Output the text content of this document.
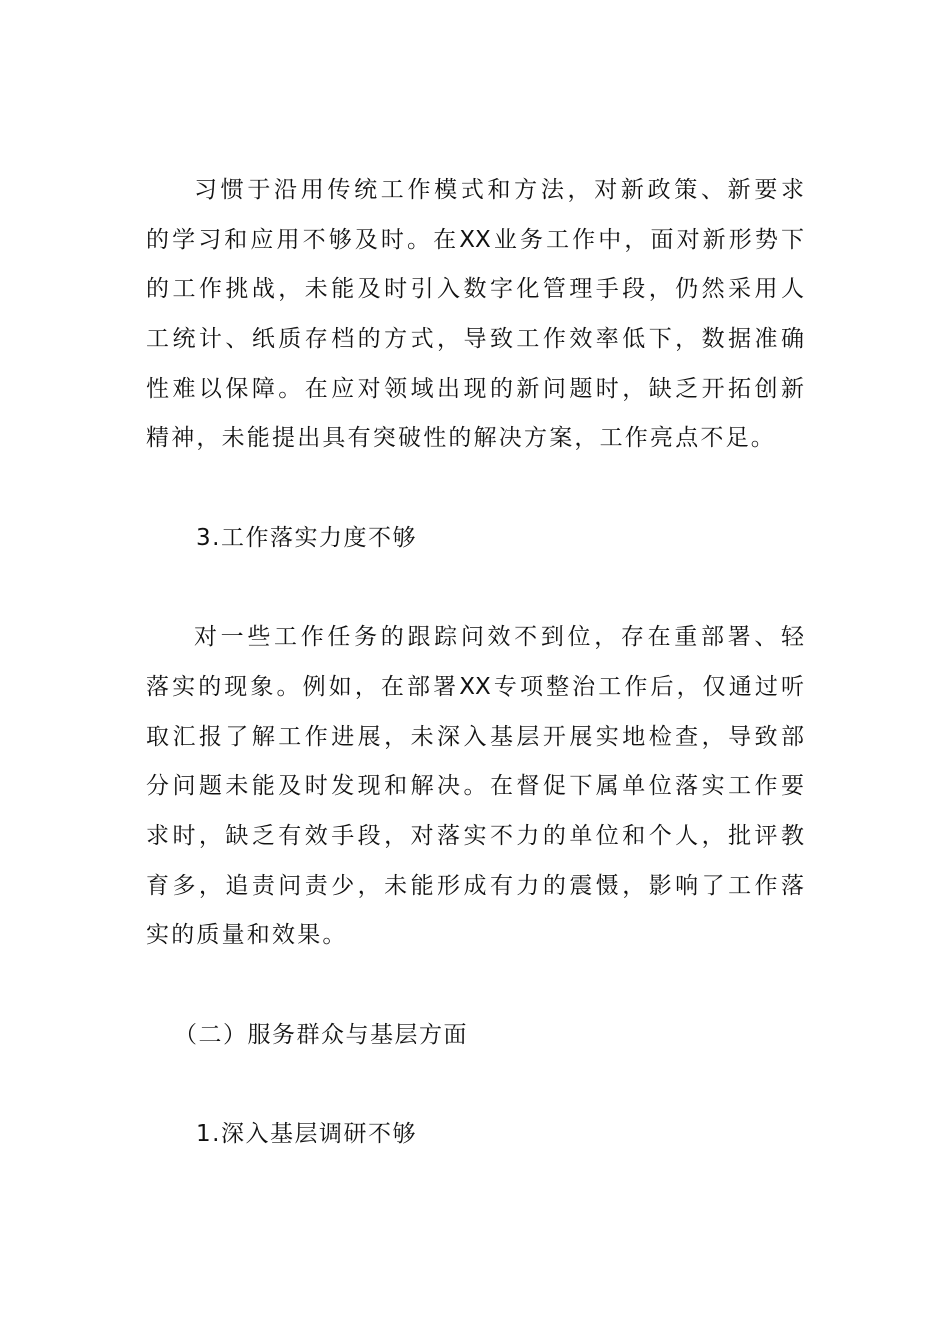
习惯于沿用传统工作模式和方法，对新政策、新要求
的学习和应用不够及时。在XX业务工作中，面对新形势下
的工作挑战，未能及时引入数字化管理手段，仍然采用人
工统计、纸质存档的方式，导致工作效率低下，数据准确
性难以保障。在应对领域出现的新问题时，缺乏开拓创新
精神，未能提出具有突破性的解决方案，工作亮点不足。
3.工作落实力度不够
对一些工作任务的跟踪问效不到位，存在重部署、轻
落实的现象。例如，在部署XX专项整治工作后，仅通过听
取汇报了解工作进展，未深入基层开展实地检查，导致部
分问题未能及时发现和解决。在督促下属单位落实工作要
求时，缺乏有效手段，对落实不力的单位和个人，批评教
育多，追责问责少，未能形成有力的震慑，影响了工作落
实的质量和效果。
（二）服务群众与基层方面
1.深入基层调研不够
